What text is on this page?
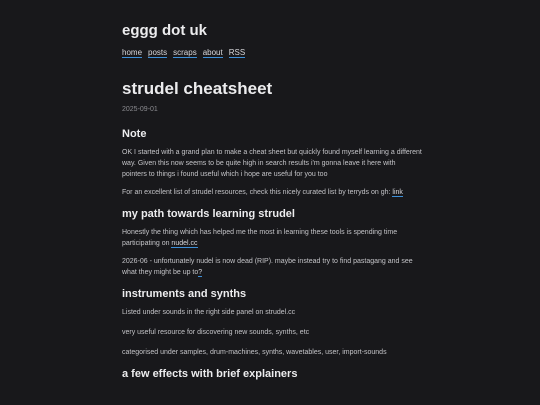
eggg dot uk
home posts scraps about RSS
strudel cheatsheet
2025-09-01
Note

OK I started with a grand plan to make a cheat sheet but quickly found myself learning a different way. Given this now seems to be quite high in search results i'm gonna leave it here with pointers to things i found useful which i hope are useful for you too

For an excellent list of strudel resources, check this nicely curated list by terryds on gh: link

my path towards learning strudel

Honestly the thing which has helped me the most in learning these tools is spending time participating on nudel.cc

2026-06 - unfortunately nudel is now dead (RIP). maybe instead try to find pastagang and see what they might be up to?

instruments and synths

Listed under sounds in the right side panel on strudel.cc

very useful resource for discovering new sounds, synths, etc

categorised under samples, drum-machines, synths, wavetables, user, import-sounds

a few effects with brief explainers
